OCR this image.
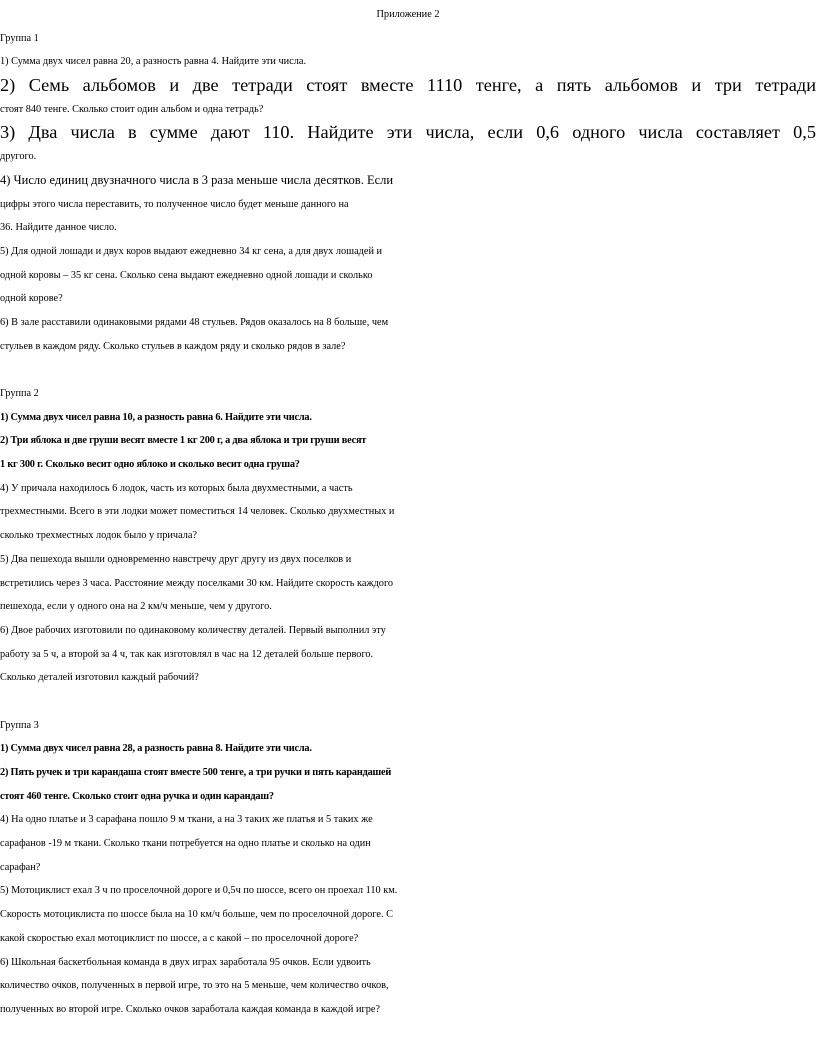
Приложение 2
Группа 1
1) Сумма двух чисел равна 20, а разность равна 4. Найдите эти числа.
2) Семь альбомов и две тетради стоят вместе 1110 тенге, а пять альбомов и три тетради
стоят 840 тенге. Сколько стоит один альбом и одна тетрадь?
3) Два числа в сумме дают 110. Найдите эти числа, если 0,6 одного числа составляет 0,5
другого.
4) Число единиц двузначного числа в 3 раза меньше числа десятков. Если
цифры этого числа переставить, то полученное число будет меньше данного на
36. Найдите данное число.
5) Для одной лошади и двух коров выдают ежедневно 34 кг сена, а для двух лошадей и
одной коровы – 35 кг сена. Сколько сена выдают ежедневно одной лошади и сколько
одной корове?
6) В зале расставили одинаковыми рядами 48 стульев. Рядов оказалось на 8 больше, чем
стульев в каждом ряду. Сколько стульев в каждом ряду и сколько рядов в зале?
Группа 2
1) Сумма двух чисел равна 10, а разность равна 6. Найдите эти числа.
2) Три яблока и две груши весят вместе 1 кг 200 г, а два яблока и три груши весят
1 кг 300 г. Сколько весит одно яблоко и сколько весит одна груша?
4) У причала находилось 6 лодок, часть из которых была двухместными, а часть
трехместными. Всего в эти лодки может поместиться 14 человек. Сколько двухместных и
сколько трехместных лодок было у причала?
5) Два пешехода вышли одновременно навстречу друг другу из двух поселков и
встретились через 3 часа. Расстояние между поселками 30 км. Найдите скорость каждого
пешехода, если у одного она на 2 км/ч меньше, чем у другого.
6) Двое рабочих изготовили по одинаковому количеству деталей. Первый выполнил эту
работу за 5 ч, а второй за 4 ч, так как изготовлял в час на 12 деталей больше первого.
Сколько деталей изготовил каждый рабочий?
Группа 3
1) Сумма двух чисел равна 28, а разность равна 8. Найдите эти числа.
2) Пять ручек и три карандаша стоят вместе 500 тенге, а три ручки и пять карандашей
стоят 460 тенге. Сколько стоит одна ручка и один карандаш?
4) На одно платье и 3 сарафана пошло 9 м ткани, а на 3 таких же платья и 5 таких же
сарафанов -19 м ткани. Сколько ткани потребуется на одно платье и сколько на один
сарафан?
5) Мотоциклист ехал 3 ч по проселочной дороге и 0,5ч по шоссе, всего он проехал 110 км.
Скорость мотоциклиста по шоссе была на 10 км/ч больше, чем по проселочной дороге. С
какой скоростью ехал мотоциклист по шоссе, а с какой – по проселочной дороге?
6) Школьная баскетбольная команда в двух играх заработала 95 очков. Если удвоить
количество очков, полученных в первой игре, то это на 5 меньше, чем количество очков,
полученных во второй игре. Сколько очков заработала каждая команда в каждой игре?
